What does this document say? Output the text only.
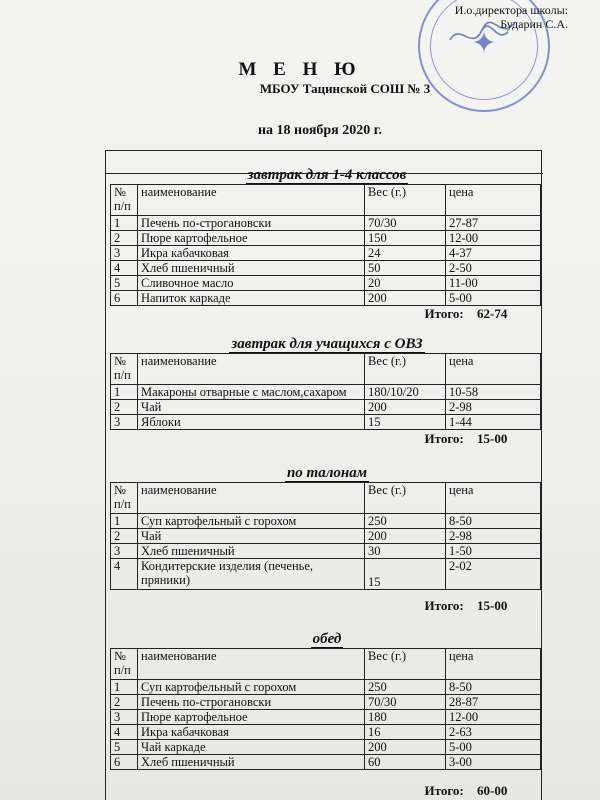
✦
И.о.директора школы:
Бударин С.А.
М Е Н Ю
МБОУ Тацинской СОШ № 3
на 18 ноября 2020 г.
завтрак для 1-4 классов
№
п/п	наименование	Вес (г.)	цена
1	Печень по-строгановски	70/30	27-87
2	Пюре картофельное	150	12-00
3	Икра кабачковая	24	4-37
4	Хлеб пшеничный	50	2-50
5	Сливочное масло	20	11-00
6	Напиток каркаде	200	5-00
Итого: 62-74
завтрак для учащихся с ОВЗ
№
п/п	наименование	Вес (г.)	цена
1	Макароны отварные с маслом,сахаром	180/10/20	10-58
2	Чай	200	2-98
3	Яблоки	15	1-44
Итого: 15-00
по талонам
№
п/п	наименование	Вес (г.)	цена
1	Суп картофельный с горохом	250	8-50
2	Чай	200	2-98
3	Хлеб пшеничный	30	1-50
4	Кондитерские изделия (печенье, пряники)	15	2-02
Итого: 15-00
обед
№
п/п	наименование	Вес (г.)	цена
1	Суп картофельный с горохом	250	8-50
2	Печень по-строгановски	70/30	28-87
3	Пюре картофельное	180	12-00
4	Икра кабачковая	16	2-63
5	Чай каркаде	200	5-00
6	Хлеб пшеничный	60	3-00
Итого: 60-00
